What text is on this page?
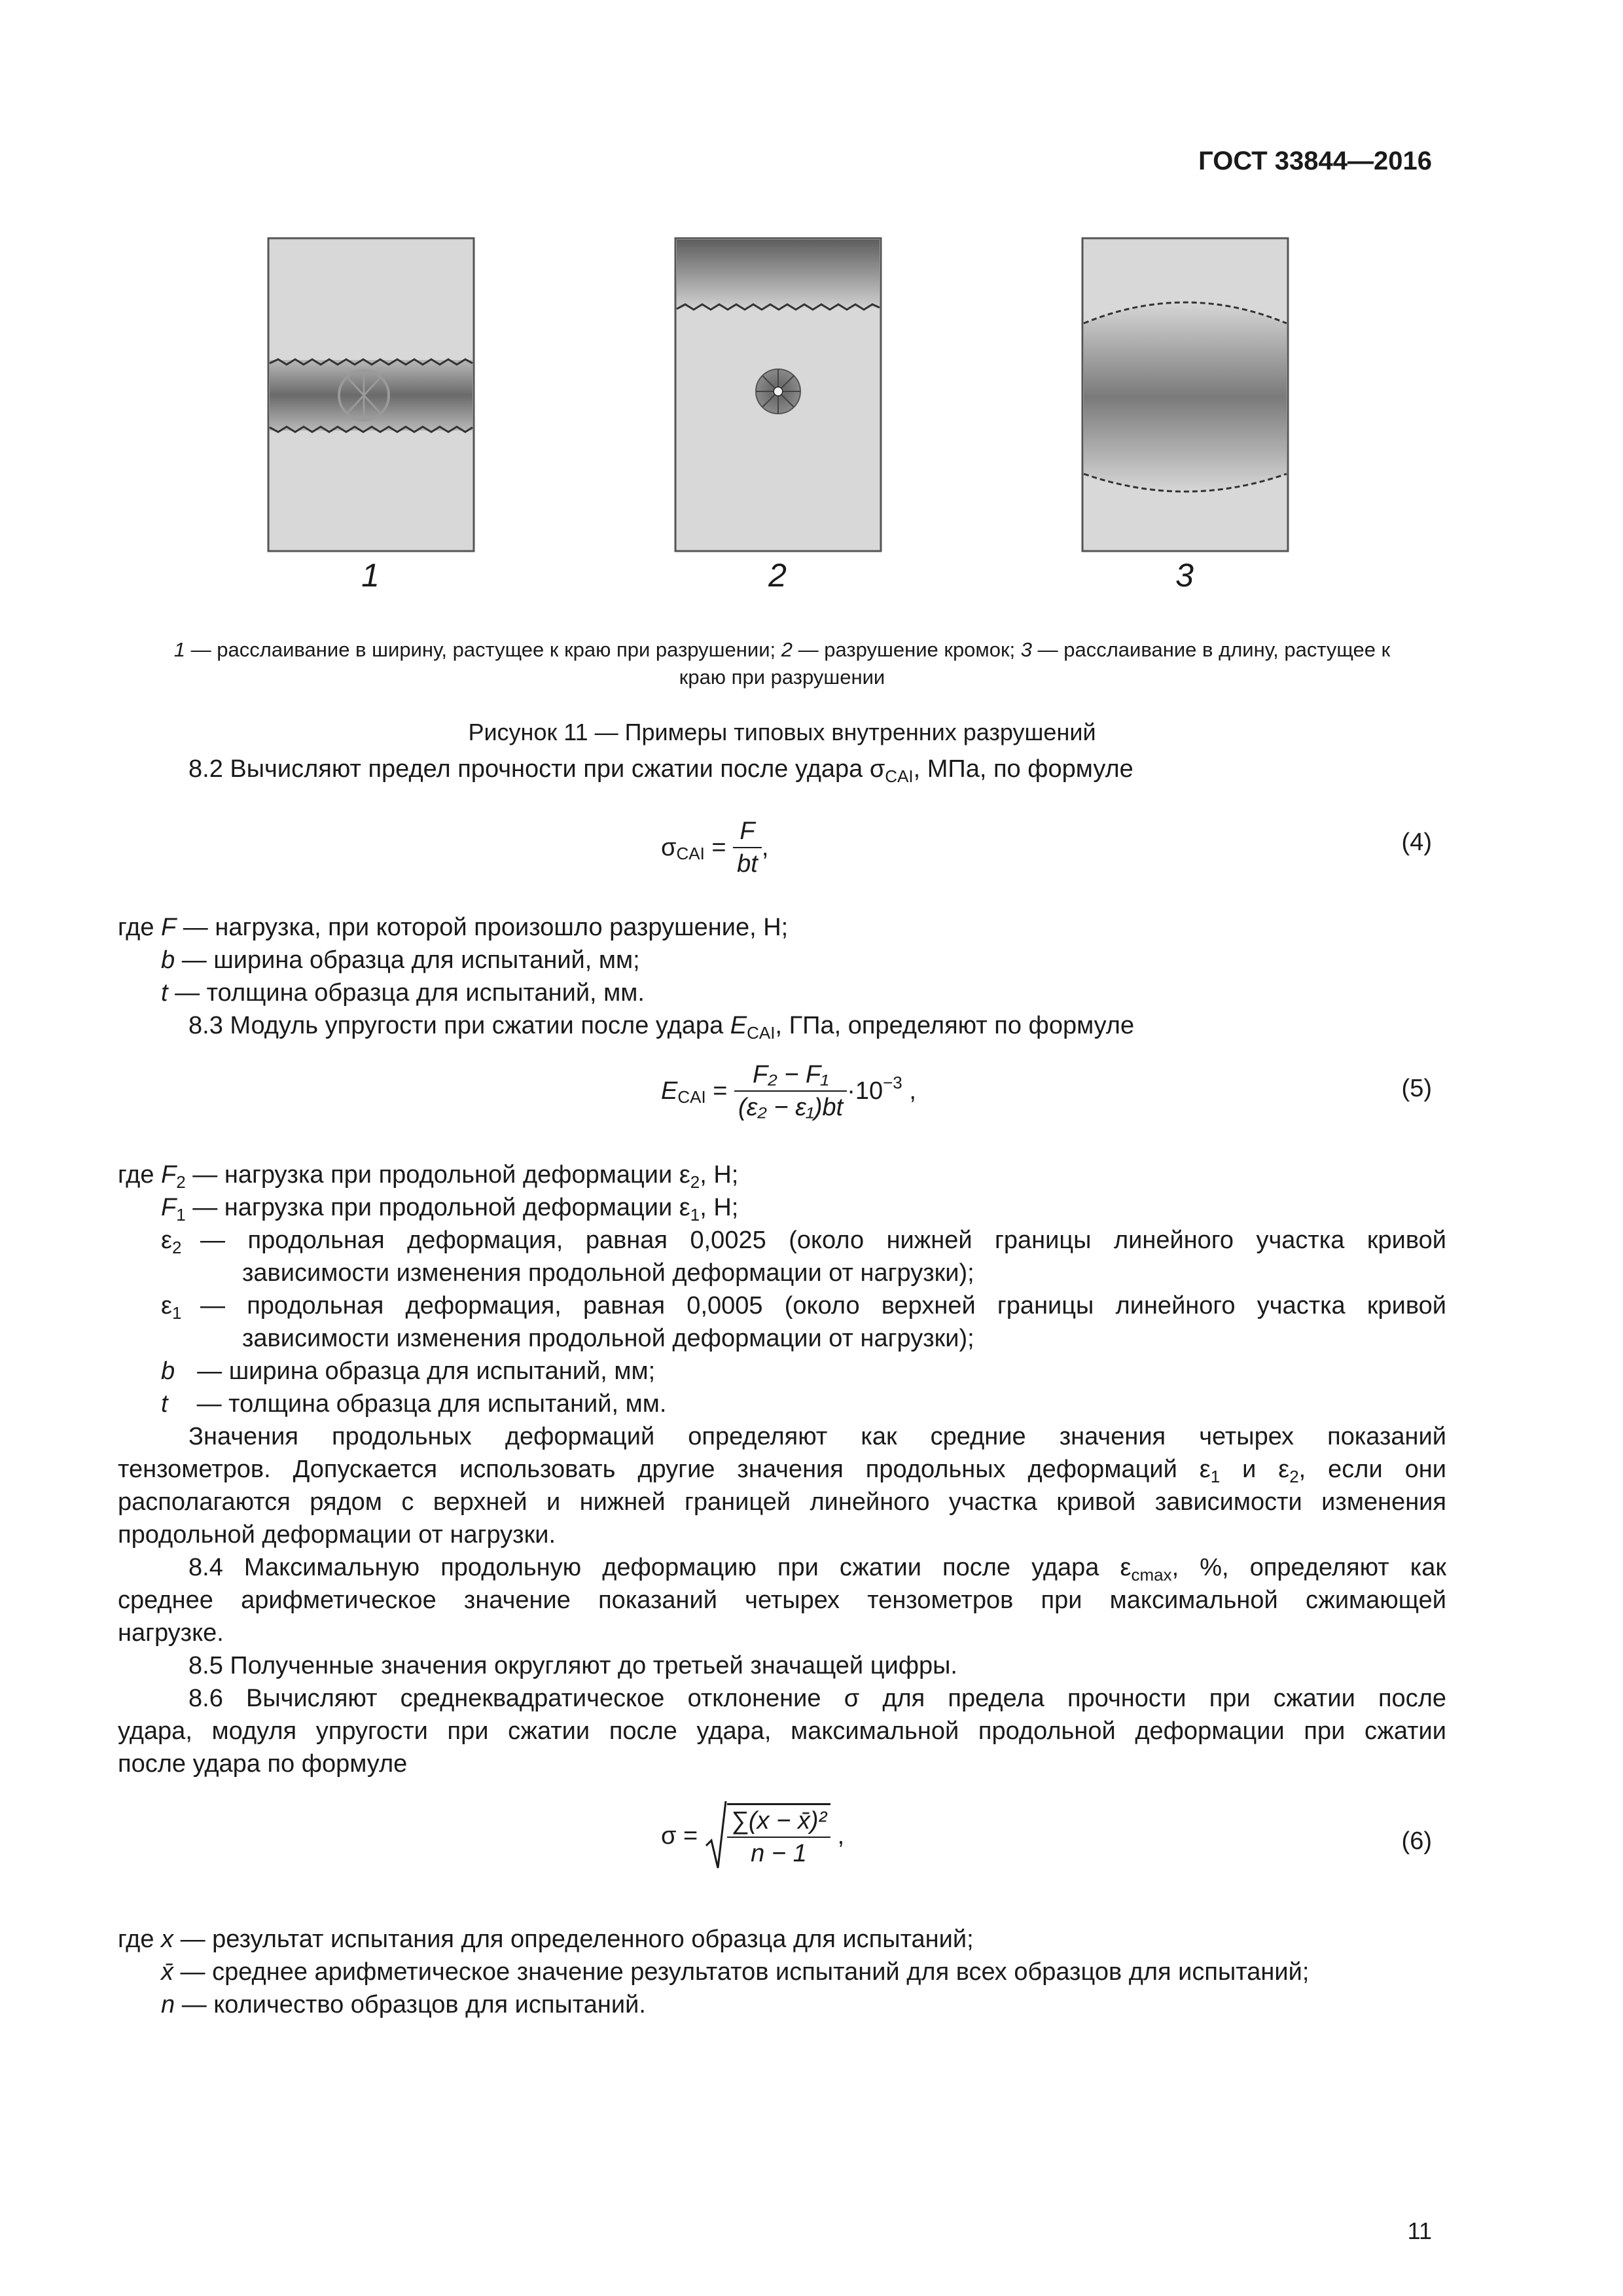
ГОСТ 33844—2016
1	2	3
1 — расслаивание в ширину, растущее к краю при разрушении; 2 — разрушение кромок; 3 — расслаивание в длину, растущее к
краю при разрушении
Рисунок 11 — Примеры типовых внутренних разрушений
8.2 Вычисляют предел прочности при сжатии после удара $\sigma_{CAI}$, МПа, по формуле
$\sigma_{CAI} = \frac{F}{bt}$ ,	(4)
где F — нагрузка, при которой произошло разрушение, Н;
b — ширина образца для испытаний, мм;
t — толщина образца для испытаний, мм.
8.3 Модуль упругости при сжатии после удара $E_{CAI}$, ГПа, определяют по формуле
$E_{CAI} = \frac{\text{F₂ − F₁}}{\text{(ε₂ − ε₁)bt}} \cdot 10^{-3}$ ,	(5)
где $F_2$ — нагрузка при продольной деформации $\varepsilon_2$, Н;
$F_1$ — нагрузка при продольной деформации $\varepsilon_1$, Н;
$\varepsilon_2$ — продольная деформация, равная 0,0025 (около нижней границы линейного участка кривой
зависимости изменения продольной деформации от нагрузки);
$\varepsilon_1$ — продольная деформация, равная 0,0005 (около верхней границы линейного участка кривой
зависимости изменения продольной деформации от нагрузки);
b — ширина образца для испытаний, мм;
t — толщина образца для испытаний, мм.
Значения продольных деформаций определяют как средние значения четырех показаний
тензометров. Допускается использовать другие значения продольных деформаций $\varepsilon_1$ и $\varepsilon_2$, если они
располагаются рядом с верхней и нижней границей линейного участка кривой зависимости изменения
продольной деформации от нагрузки.
8.4 Максимальную продольную деформацию при сжатии после удара $\varepsilon_{cmax}$, %, определяют как
среднее арифметическое значение показаний четырех тензометров при максимальной сжимающей
нагрузке.
8.5 Полученные значения округляют до третьей значащей цифры.
8.6 Вычисляют среднеквадратическое отклонение σ для предела прочности при сжатии после
удара, модуля упругости при сжатии после удара, максимальной продольной деформации при сжатии
после удара по формуле
$\sigma = \frac{\text{∑(x − x̄)²}}{n - 1}$ ,	(6)
где x — результат испытания для определенного образца для испытаний;
x̄ — среднее арифметическое значение результатов испытаний для всех образцов для испытаний;
n — количество образцов для испытаний.
11
